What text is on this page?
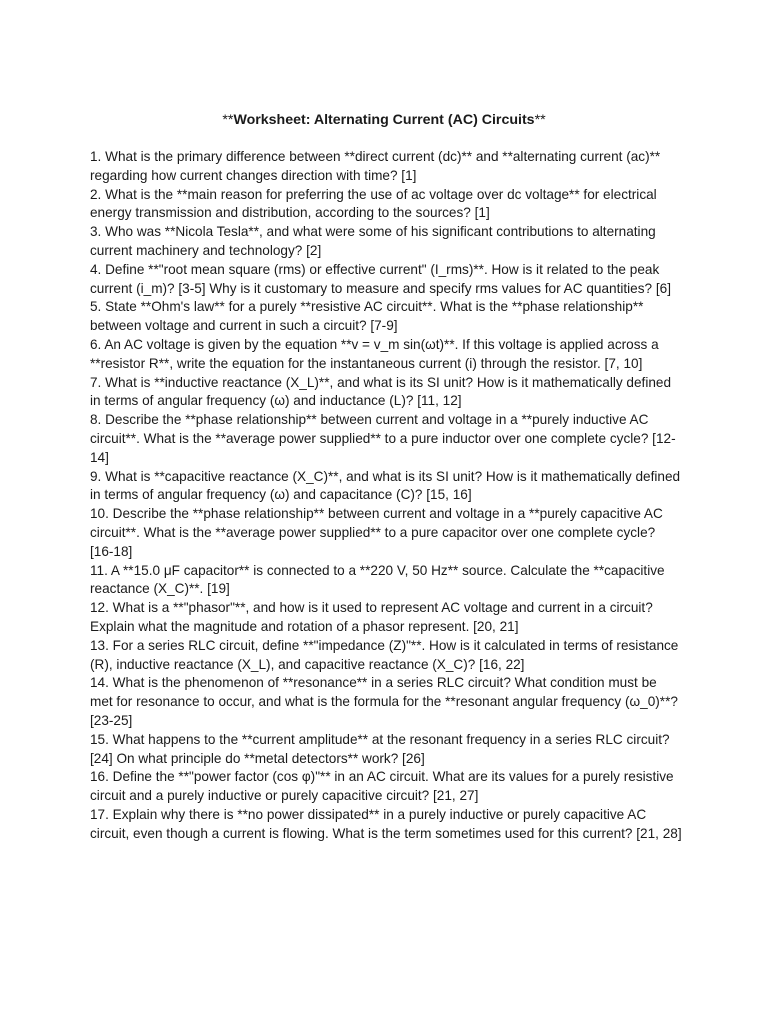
**Worksheet: Alternating Current (AC) Circuits**
1. What is the primary difference between **direct current (dc)** and **alternating current (ac)** regarding how current changes direction with time? [1]
2. What is the **main reason for preferring the use of ac voltage over dc voltage** for electrical energy transmission and distribution, according to the sources? [1]
3. Who was **Nicola Tesla**, and what were some of his significant contributions to alternating current machinery and technology? [2]
4. Define **"root mean square (rms) or effective current" (I_rms)**. How is it related to the peak current (i_m)? [3-5] Why is it customary to measure and specify rms values for AC quantities? [6]
5. State **Ohm's law** for a purely **resistive AC circuit**. What is the **phase relationship** between voltage and current in such a circuit? [7-9]
6. An AC voltage is given by the equation **v = v_m sin(ωt)**. If this voltage is applied across a **resistor R**, write the equation for the instantaneous current (i) through the resistor. [7, 10]
7. What is **inductive reactance (X_L)**, and what is its SI unit? How is it mathematically defined in terms of angular frequency (ω) and inductance (L)? [11, 12]
8. Describe the **phase relationship** between current and voltage in a **purely inductive AC circuit**. What is the **average power supplied** to a pure inductor over one complete cycle? [12-14]
9. What is **capacitive reactance (X_C)**, and what is its SI unit? How is it mathematically defined in terms of angular frequency (ω) and capacitance (C)? [15, 16]
10. Describe the **phase relationship** between current and voltage in a **purely capacitive AC circuit**. What is the **average power supplied** to a pure capacitor over one complete cycle? [16-18]
11. A **15.0 μF capacitor** is connected to a **220 V, 50 Hz** source. Calculate the **capacitive reactance (X_C)**. [19]
12. What is a **"phasor"**, and how is it used to represent AC voltage and current in a circuit? Explain what the magnitude and rotation of a phasor represent. [20, 21]
13. For a series RLC circuit, define **"impedance (Z)"**. How is it calculated in terms of resistance (R), inductive reactance (X_L), and capacitive reactance (X_C)? [16, 22]
14. What is the phenomenon of **resonance** in a series RLC circuit? What condition must be met for resonance to occur, and what is the formula for the **resonant angular frequency (ω_0)**? [23-25]
15. What happens to the **current amplitude** at the resonant frequency in a series RLC circuit? [24] On what principle do **metal detectors** work? [26]
16. Define the **"power factor (cos φ)"** in an AC circuit. What are its values for a purely resistive circuit and a purely inductive or purely capacitive circuit? [21, 27]
17. Explain why there is **no power dissipated** in a purely inductive or purely capacitive AC circuit, even though a current is flowing. What is the term sometimes used for this current? [21, 28]
